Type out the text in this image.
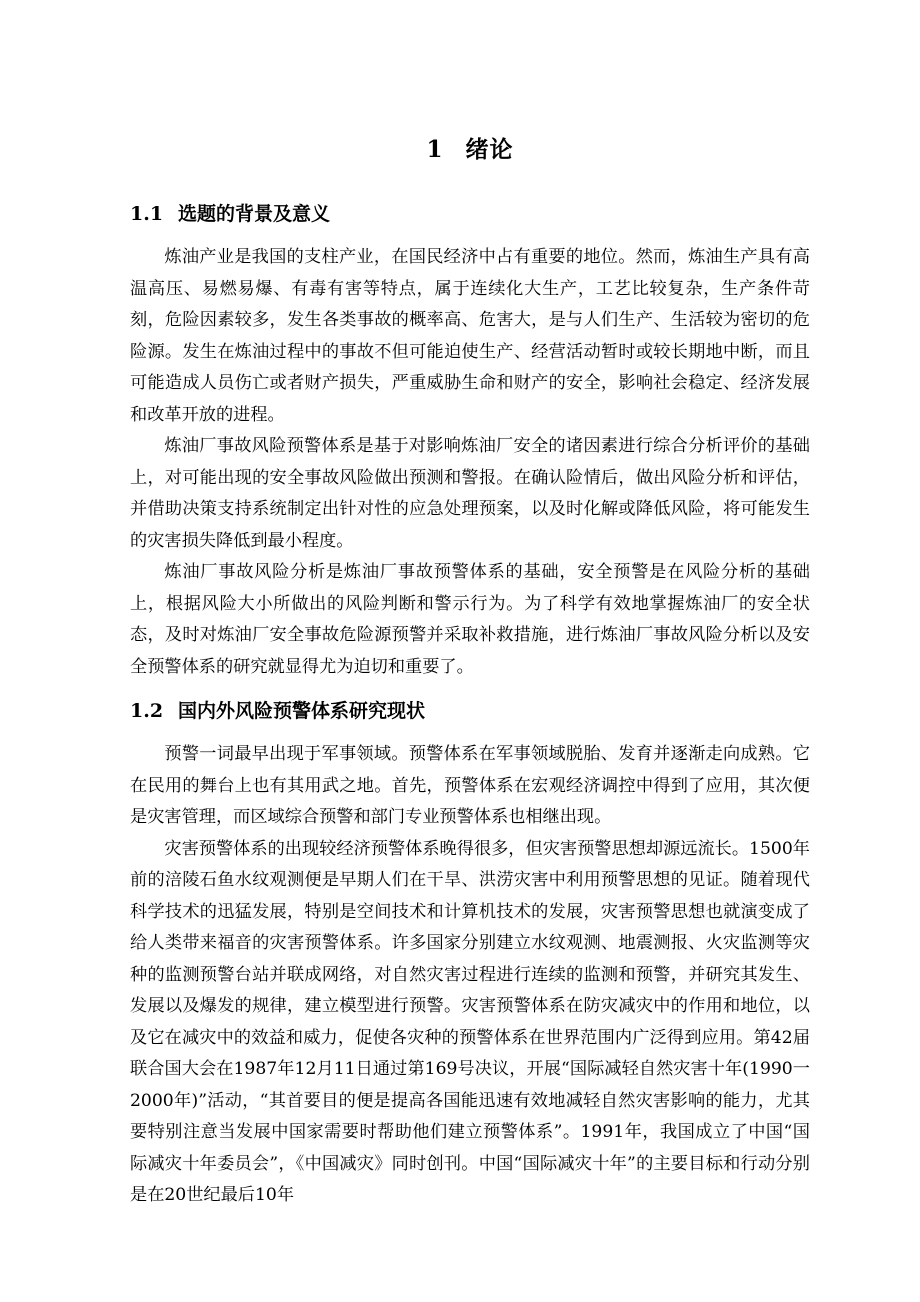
1 绪论
1.1 选题的背景及意义

炼油产业是我国的支柱产业，在国民经济中占有重要的地位。然而，炼油生产具有高温高压、易燃易爆、有毒有害等特点，属于连续化大生产，工艺比较复杂，生产条件苛刻，危险因素较多，发生各类事故的概率高、危害大，是与人们生产、生活较为密切的危险源。发生在炼油过程中的事故不但可能迫使生产、经营活动暂时或较长期地中断，而且可能造成人员伤亡或者财产损失，严重威胁生命和财产的安全，影响社会稳定、经济发展和改革开放的进程。

炼油厂事故风险预警体系是基于对影响炼油厂安全的诸因素进行综合分析评价的基础上，对可能出现的安全事故风险做出预测和警报。在确认险情后，做出风险分析和评估，并借助决策支持系统制定出针对性的应急处理预案，以及时化解或降低风险，将可能发生的灾害损失降低到最小程度。

炼油厂事故风险分析是炼油厂事故预警体系的基础，安全预警是在风险分析的基础上，根据风险大小所做出的风险判断和警示行为。为了科学有效地掌握炼油厂的安全状态，及时对炼油厂安全事故危险源预警并采取补救措施，进行炼油厂事故风险分析以及安全预警体系的研究就显得尤为迫切和重要了。

1.2 国内外风险预警体系研究现状

预警一词最早出现于军事领域。预警体系在军事领域脱胎、发育并逐渐走向成熟。它在民用的舞台上也有其用武之地。首先，预警体系在宏观经济调控中得到了应用，其次便是灾害管理，而区域综合预警和部门专业预警体系也相继出现。

灾害预警体系的出现较经济预警体系晚得很多，但灾害预警思想却源远流长。1500年前的涪陵石鱼水纹观测便是早期人们在干旱、洪涝灾害中利用预警思想的见证。随着现代科学技术的迅猛发展，特别是空间技术和计算机技术的发展，灾害预警思想也就演变成了给人类带来福音的灾害预警体系。许多国家分别建立水纹观测、地震测报、火灾监测等灾种的监测预警台站并联成网络，对自然灾害过程进行连续的监测和预警，并研究其发生、发展以及爆发的规律，建立模型进行预警。灾害预警体系在防灾减灾中的作用和地位，以及它在减灾中的效益和威力，促使各灾种的预警体系在世界范围内广泛得到应用。第42届联合国大会在1987年12月11日通过第169号决议，开展“国际减轻自然灾害十年(1990一2000年)”活动，“其首要目的便是提高各国能迅速有效地减轻自然灾害影响的能力，尤其要特别注意当发展中国家需要时帮助他们建立预警体系”。1991年，我国成立了中国“国际减灾十年委员会”，《中国减灾》同时创刊。中国“国际减灾十年”的主要目标和行动分别是在20世纪最后10年
